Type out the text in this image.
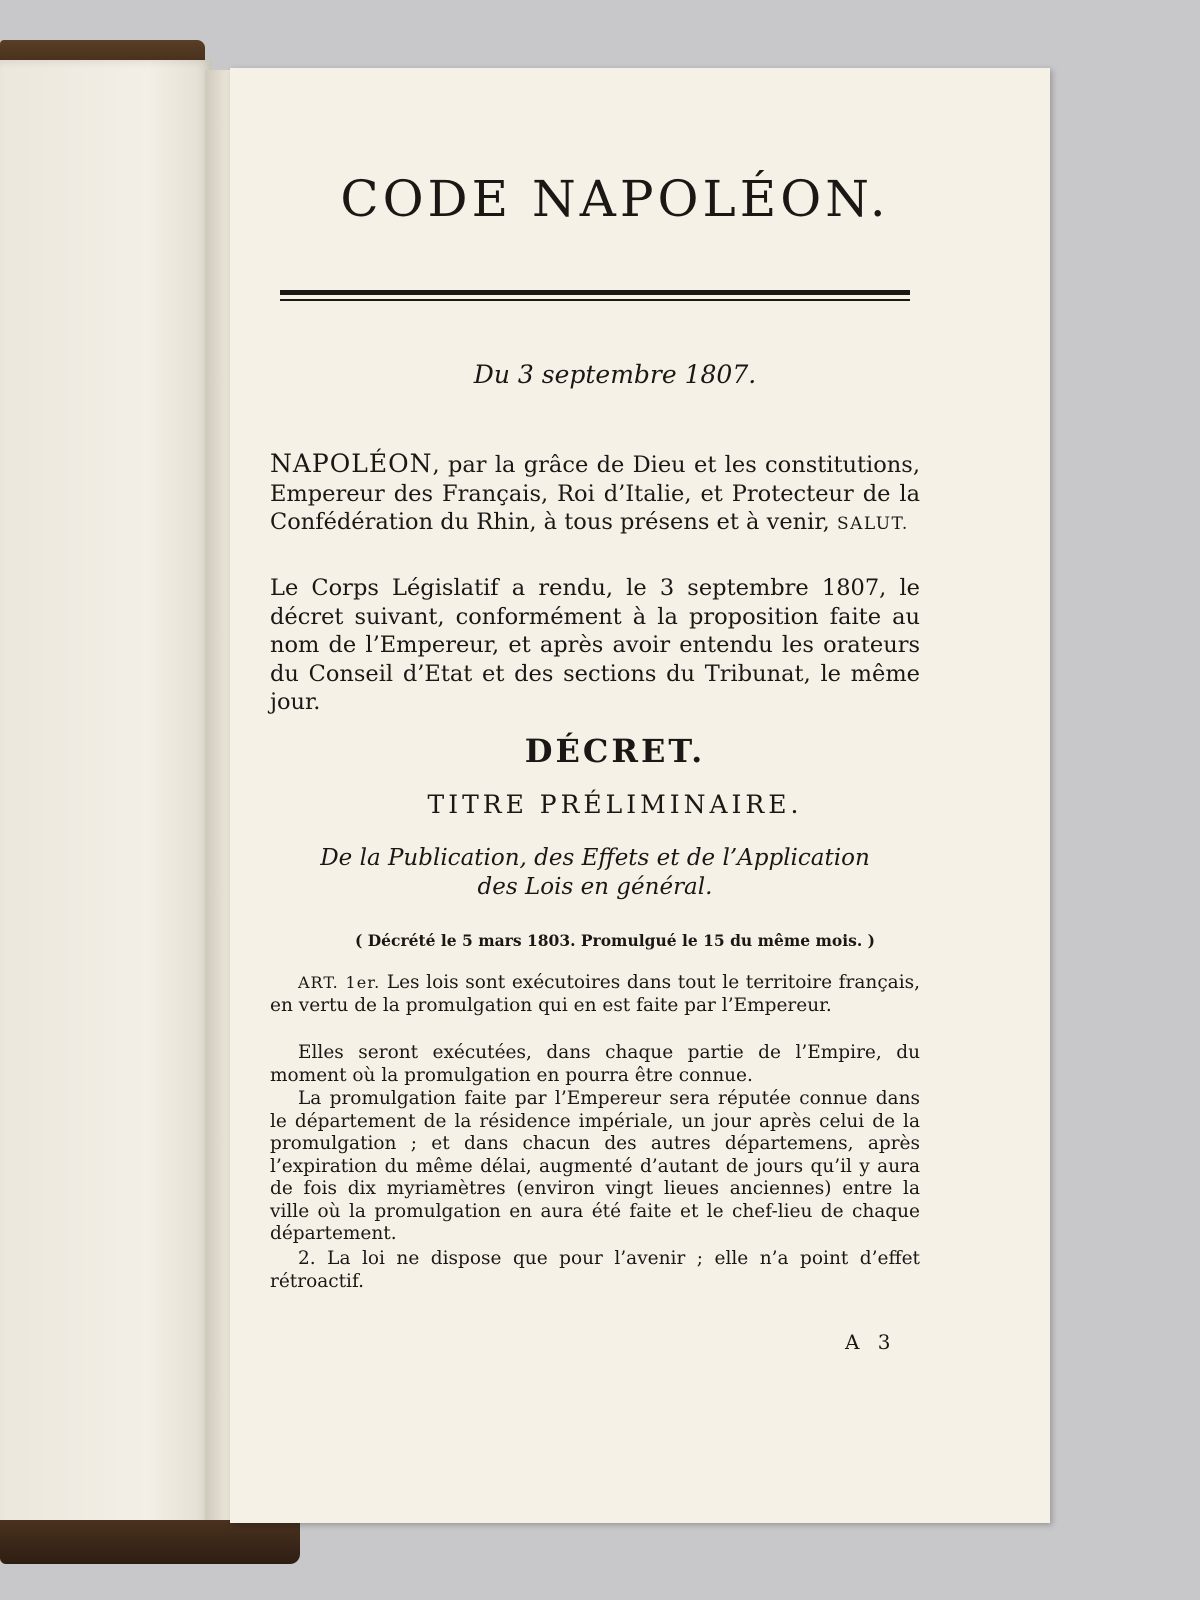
CODE NAPOLÉON.
Du 3 septembre 1807.

NAPOLÉON, par la grâce de Dieu et les constitutions, Empereur des Français, Roi d’Italie, et Protecteur de la Confédération du Rhin, à tous présens et à venir, SALUT.

Le Corps Législatif a rendu, le 3 septembre 1807, le décret suivant, conformément à la proposition faite au nom de l’Empereur, et après avoir entendu les orateurs du Conseil d’Etat et des sections du Tribunat, le même jour.

DÉCRET.
TITRE PRÉLIMINAIRE.
De la Publication, des Effets et de l’Application
des Lois en général.
( Décrété le 5 mars 1803. Promulgué le 15 du même mois. )

ART. 1er. Les lois sont exécutoires dans tout le territoire français, en vertu de la promulgation qui en est faite par l’Empereur.

Elles seront exécutées, dans chaque partie de l’Empire, du moment où la promulgation en pourra être connue.

La promulgation faite par l’Empereur sera réputée connue dans le département de la résidence impériale, un jour après celui de la promulgation ; et dans chacun des autres départemens, après l’expiration du même délai, augmenté d’autant de jours qu’il y aura de fois dix myriamètres (environ vingt lieues anciennes) entre la ville où la promulgation en aura été faite et le chef-lieu de chaque département.

2. La loi ne dispose que pour l’avenir ; elle n’a point d’effet rétroactif.

A 3
